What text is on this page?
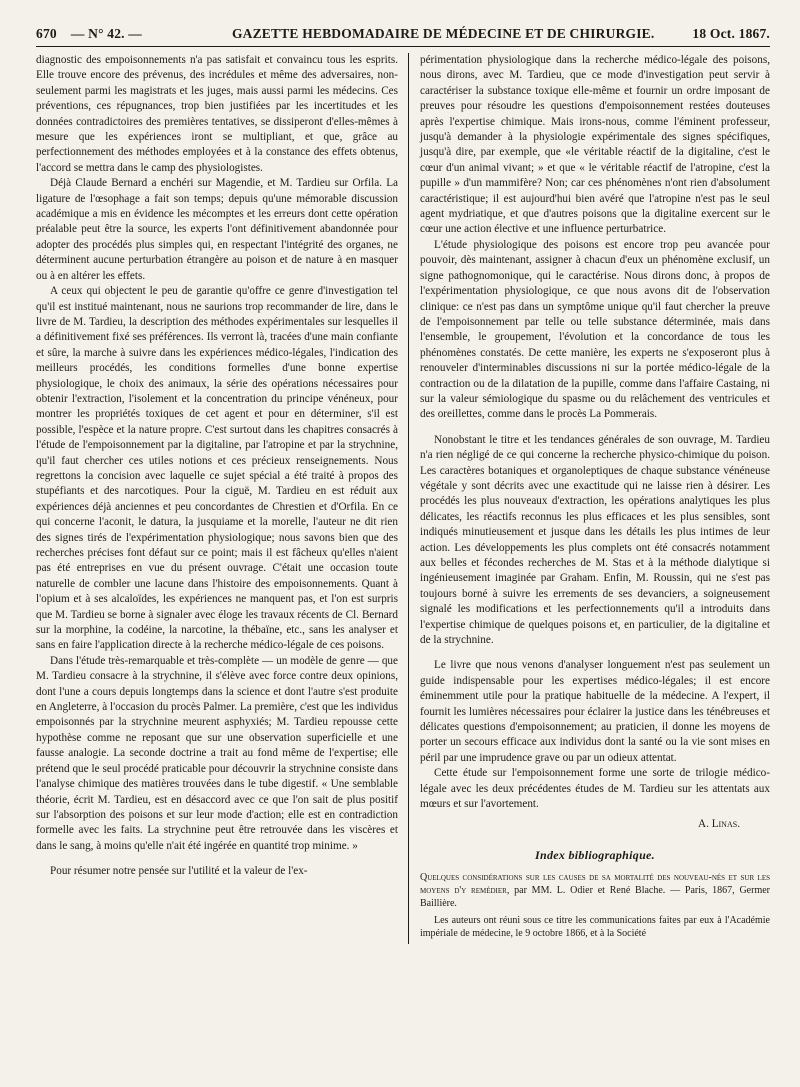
670 — N° 42. —	GAZETTE HEBDOMADAIRE DE MÉDECINE ET DE CHIRURGIE.	18 Oct. 1867.

diagnostic des empoisonnements n'a pas satisfait et convaincu tous les esprits. Elle trouve encore des prévenus, des incrédules et même des adversaires, non-seulement parmi les magistrats et les juges, mais aussi parmi les médecins. Ces préventions, ces répugnances, trop bien justifiées par les incertitudes et les données contradictoires des premières tentatives, se dissiperont d'elles-mêmes à mesure que les expériences iront se multipliant, et que, grâce au perfectionnement des méthodes employées et à la constance des effets obtenus, l'accord se mettra dans le camp des physiologistes.

Déjà Claude Bernard a enchéri sur Magendie, et M. Tardieu sur Orfila. La ligature de l'œsophage a fait son temps; depuis qu'une mémorable discussion académique a mis en évidence les mécomptes et les erreurs dont cette opération préalable peut être la source, les experts l'ont définitivement abandonnée pour adopter des procédés plus simples qui, en respectant l'intégrité des organes, ne déterminent aucune perturbation étrangère au poison et de nature à en masquer ou à en altérer les effets.

A ceux qui objectent le peu de garantie qu'offre ce genre d'investigation tel qu'il est institué maintenant, nous ne saurions trop recommander de lire, dans le livre de M. Tardieu, la description des méthodes expérimentales sur lesquelles il a définitivement fixé ses préférences. Ils verront là, tracées d'une main confiante et sûre, la marche à suivre dans les expériences médico-légales, l'indication des meilleurs procédés, les conditions formelles d'une bonne expertise physiologique, le choix des animaux, la série des opérations nécessaires pour obtenir l'extraction, l'isolement et la concentration du principe vénéneux, pour montrer les propriétés toxiques de cet agent et pour en déterminer, s'il est possible, l'espèce et la nature propre. C'est surtout dans les chapitres consacrés à l'étude de l'empoisonnement par la digitaline, par l'atropine et par la strychnine, qu'il faut chercher ces utiles notions et ces précieux renseignements. Nous regrettons la concision avec laquelle ce sujet spécial a été traité à propos des stupéfiants et des narcotiques. Pour la ciguë, M. Tardieu en est réduit aux expériences déjà anciennes et peu concordantes de Chrestien et d'Orfila. En ce qui concerne l'aconit, le datura, la jusquiame et la morelle, l'auteur ne dit rien des signes tirés de l'expérimentation physiologique; nous savons bien que des recherches précises font défaut sur ce point; mais il est fâcheux qu'elles n'aient pas été entreprises en vue du présent ouvrage. C'était une occasion toute naturelle de combler une lacune dans l'histoire des empoisonnements. Quant à l'opium et à ses alcaloïdes, les expériences ne manquent pas, et l'on est surpris que M. Tardieu se borne à signaler avec éloge les travaux récents de Cl. Bernard sur la morphine, la codéine, la narcotine, la thébaïne, etc., sans les analyser et sans en faire l'application directe à la recherche médico-légale de ces poisons.

Dans l'étude très-remarquable et très-complète — un modèle de genre — que M. Tardieu consacre à la strychnine, il s'élève avec force contre deux opinions, dont l'une a cours depuis longtemps dans la science et dont l'autre s'est produite en Angleterre, à l'occasion du procès Palmer. La première, c'est que les individus empoisonnés par la strychnine meurent asphyxiés; M. Tardieu repousse cette hypothèse comme ne reposant que sur une observation superficielle et une fausse analogie. La seconde doctrine a trait au fond même de l'expertise; elle prétend que le seul procédé praticable pour découvrir la strychnine consiste dans l'analyse chimique des matières trouvées dans le tube digestif. « Une semblable théorie, écrit M. Tardieu, est en désaccord avec ce que l'on sait de plus positif sur l'absorption des poisons et sur leur mode d'action; elle est en contradiction formelle avec les faits. La strychnine peut être retrouvée dans les viscères et dans le sang, à moins qu'elle n'ait été ingérée en quantité trop minime. »

Pour résumer notre pensée sur l'utilité et la valeur de l'ex-

périmentation physiologique dans la recherche médico-légale des poisons, nous dirons, avec M. Tardieu, que ce mode d'investigation peut servir à caractériser la substance toxique elle-même et fournir un ordre imposant de preuves pour résoudre les questions d'empoisonnement restées douteuses après l'expertise chimique. Mais irons-nous, comme l'éminent professeur, jusqu'à demander à la physiologie expérimentale des signes spécifiques, jusqu'à dire, par exemple, que «le véritable réactif de la digitaline, c'est le cœur d'un animal vivant; » et que « le véritable réactif de l'atropine, c'est la pupille » d'un mammifère? Non; car ces phénomènes n'ont rien d'absolument caractéristique; il est aujourd'hui bien avéré que l'atropine n'est pas le seul agent mydriatique, et que d'autres poisons que la digitaline exercent sur le cœur une action élective et une influence perturbatrice.

L'étude physiologique des poisons est encore trop peu avancée pour pouvoir, dès maintenant, assigner à chacun d'eux un phénomène exclusif, un signe pathognomonique, qui le caractérise. Nous dirons donc, à propos de l'expérimentation physiologique, ce que nous avons dit de l'observation clinique: ce n'est pas dans un symptôme unique qu'il faut chercher la preuve de l'empoisonnement par telle ou telle substance déterminée, mais dans l'ensemble, le groupement, l'évolution et la concordance de tous les phénomènes constatés. De cette manière, les experts ne s'exposeront plus à renouveler d'interminables discussions ni sur la portée médico-légale de la contraction ou de la dilatation de la pupille, comme dans l'affaire Castaing, ni sur la valeur sémiologique du spasme ou du relâchement des ventricules et des oreillettes, comme dans le procès La Pommerais.

Nonobstant le titre et les tendances générales de son ouvrage, M. Tardieu n'a rien négligé de ce qui concerne la recherche physico-chimique du poison. Les caractères botaniques et organoleptiques de chaque substance vénéneuse végétale y sont décrits avec une exactitude qui ne laisse rien à désirer. Les procédés les plus nouveaux d'extraction, les opérations analytiques les plus délicates, les réactifs reconnus les plus efficaces et les plus sensibles, sont indiqués minutieusement et jusque dans les détails les plus intimes de leur action. Les développements les plus complets ont été consacrés notamment aux belles et fécondes recherches de M. Stas et à la méthode dialytique si ingénieusement imaginée par Graham. Enfin, M. Roussin, qui ne s'est pas toujours borné à suivre les errements de ses devanciers, a soigneusement signalé les modifications et les perfectionnements qu'il a introduits dans l'expertise chimique de quelques poisons et, en particulier, de la digitaline et de la strychnine.

Le livre que nous venons d'analyser longuement n'est pas seulement un guide indispensable pour les expertises médico-légales; il est encore éminemment utile pour la pratique habituelle de la médecine. A l'expert, il fournit les lumières nécessaires pour éclairer la justice dans les ténébreuses et délicates questions d'empoisonnement; au praticien, il donne les moyens de porter un secours efficace aux individus dont la santé ou la vie sont mises en péril par une imprudence grave ou par un odieux attentat.

Cette étude sur l'empoisonnement forme une sorte de trilogie médico-légale avec les deux précédentes études de M. Tardieu sur les attentats aux mœurs et sur l'avortement.

A. Linas.
Index bibliographique.
Quelques considérations sur les causes de sa mortalité des nouveau-nés et sur les moyens d'y remédier, par MM. L. Odier et René Blache. — Paris, 1867, Germer Baillière.

Les auteurs ont réuni sous ce titre les communications faites par eux à l'Académie impériale de médecine, le 9 octobre 1866, et à la Société
